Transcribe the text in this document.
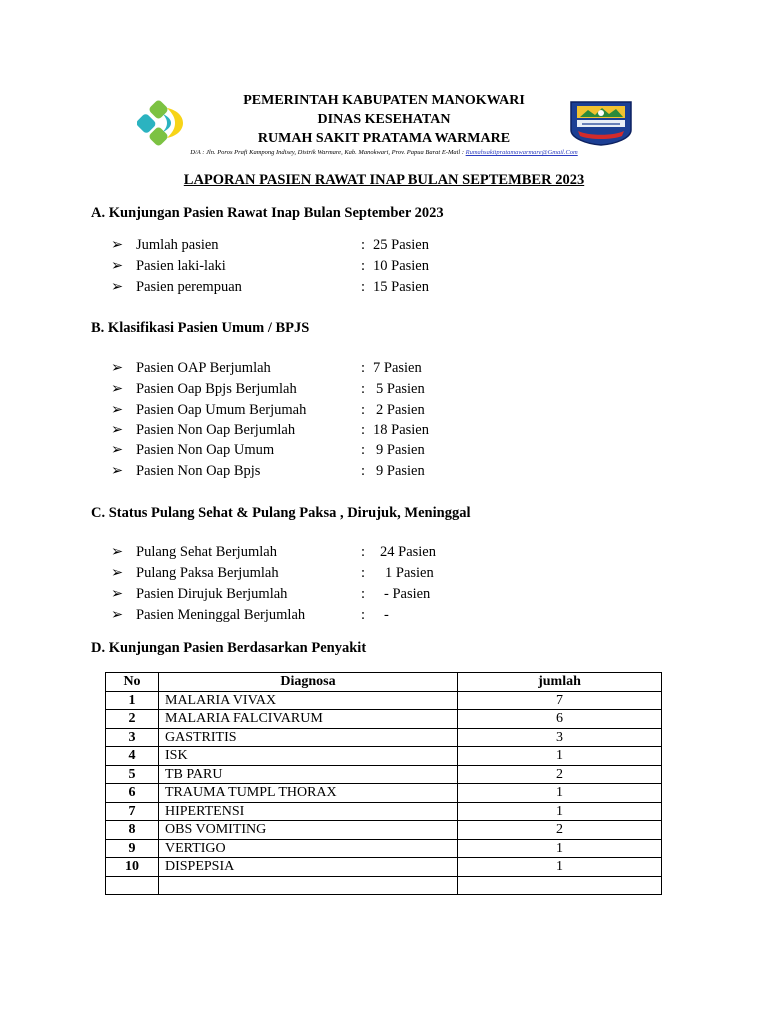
PEMERINTAH KABUPATEN MANOKWARI
DINAS KESEHATAN
RUMAH SAKIT PRATAMA WARMARE
D/A : Jln. Poros Prafi Kampong Indisey, Distrik Warmare, Kab. Manokwari, Prov. Papua Barat E-Mail : Rumahsakitpratamawarmare@Gmail.Com
LAPORAN PASIEN RAWAT INAP BULAN SEPTEMBER 2023
A. Kunjungan Pasien Rawat Inap Bulan September 2023
➢ Jumlah pasien	: 25 Pasien
➢ Pasien laki-laki	: 10 Pasien
➢ Pasien perempuan	: 15 Pasien
B. Klasifikasi Pasien Umum / BPJS
➢ Pasien OAP Berjumlah	: 7 Pasien
➢ Pasien Oap Bpjs Berjumlah	: 5 Pasien
➢ Pasien Oap Umum Berjumah	: 2 Pasien
➢ Pasien Non Oap Berjumlah	: 18 Pasien
➢ Pasien Non Oap Umum	: 9 Pasien
➢ Pasien Non Oap Bpjs	: 9 Pasien
C. Status Pulang Sehat & Pulang Paksa , Dirujuk, Meninggal
➢ Pulang Sehat Berjumlah	: 24 Pasien
➢ Pulang Paksa Berjumlah	: 1 Pasien
➢ Pasien Dirujuk Berjumlah	: - Pasien
➢ Pasien Meninggal Berjumlah	: -
D. Kunjungan Pasien Berdasarkan Penyakit
No	Diagnosa	jumlah
1	MALARIA VIVAX	7
2	MALARIA FALCIVARUM	6
3	GASTRITIS	3
4	ISK	1
5	TB PARU	2
6	TRAUMA TUMPL THORAX	1
7	HIPERTENSI	1
8	OBS VOMITING	2
9	VERTIGO	1
10	DISPEPSIA	1
